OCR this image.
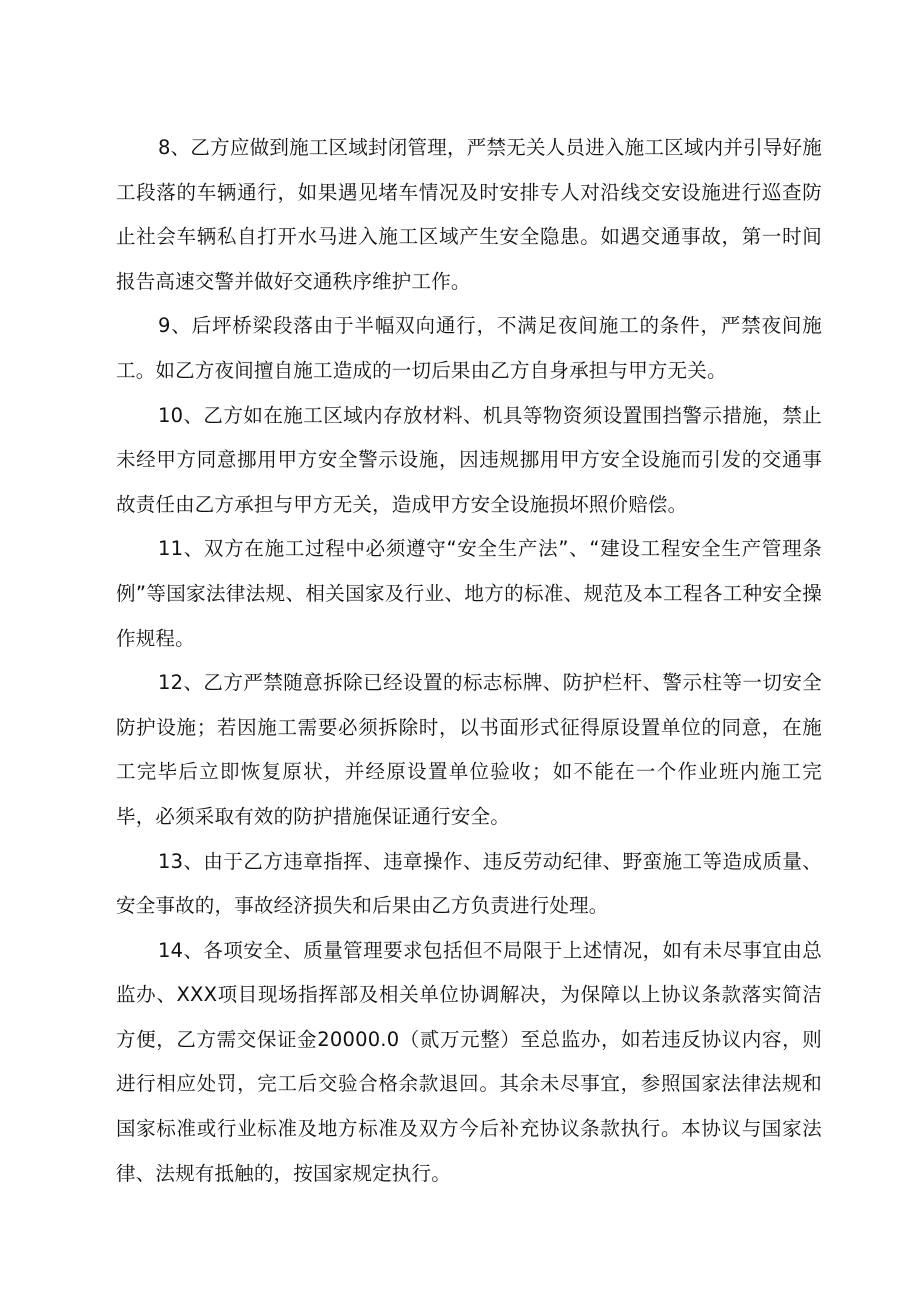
8、乙方应做到施工区域封闭管理，严禁无关人员进入施工区域内并引导好施工段落的车辆通行，如果遇见堵车情况及时安排专人对沿线交安设施进行巡查防止社会车辆私自打开水马进入施工区域产生安全隐患。如遇交通事故，第一时间报告高速交警并做好交通秩序维护工作。

9、后坪桥梁段落由于半幅双向通行，不满足夜间施工的条件，严禁夜间施工。如乙方夜间擅自施工造成的一切后果由乙方自身承担与甲方无关。

10、乙方如在施工区域内存放材料、机具等物资须设置围挡警示措施，禁止未经甲方同意挪用甲方安全警示设施，因违规挪用甲方安全设施而引发的交通事故责任由乙方承担与甲方无关，造成甲方安全设施损坏照价赔偿。

11、双方在施工过程中必须遵守“安全生产法”、“建设工程安全生产管理条例”等国家法律法规、相关国家及行业、地方的标准、规范及本工程各工种安全操作规程。

12、乙方严禁随意拆除已经设置的标志标牌、防护栏杆、警示柱等一切安全防护设施；若因施工需要必须拆除时，以书面形式征得原设置单位的同意，在施工完毕后立即恢复原状，并经原设置单位验收；如不能在一个作业班内施工完毕，必须采取有效的防护措施保证通行安全。

13、由于乙方违章指挥、违章操作、违反劳动纪律、野蛮施工等造成质量、安全事故的，事故经济损失和后果由乙方负责进行处理。

14、各项安全、质量管理要求包括但不局限于上述情况，如有未尽事宜由总监办、XXX项目现场指挥部及相关单位协调解决，为保障以上协议条款落实简洁方便，乙方需交保证金20000.0（贰万元整）至总监办，如若违反协议内容，则进行相应处罚，完工后交验合格余款退回。其余未尽事宜，参照国家法律法规和国家标准或行业标准及地方标准及双方今后补充协议条款执行。本协议与国家法律、法规有抵触的，按国家规定执行。
